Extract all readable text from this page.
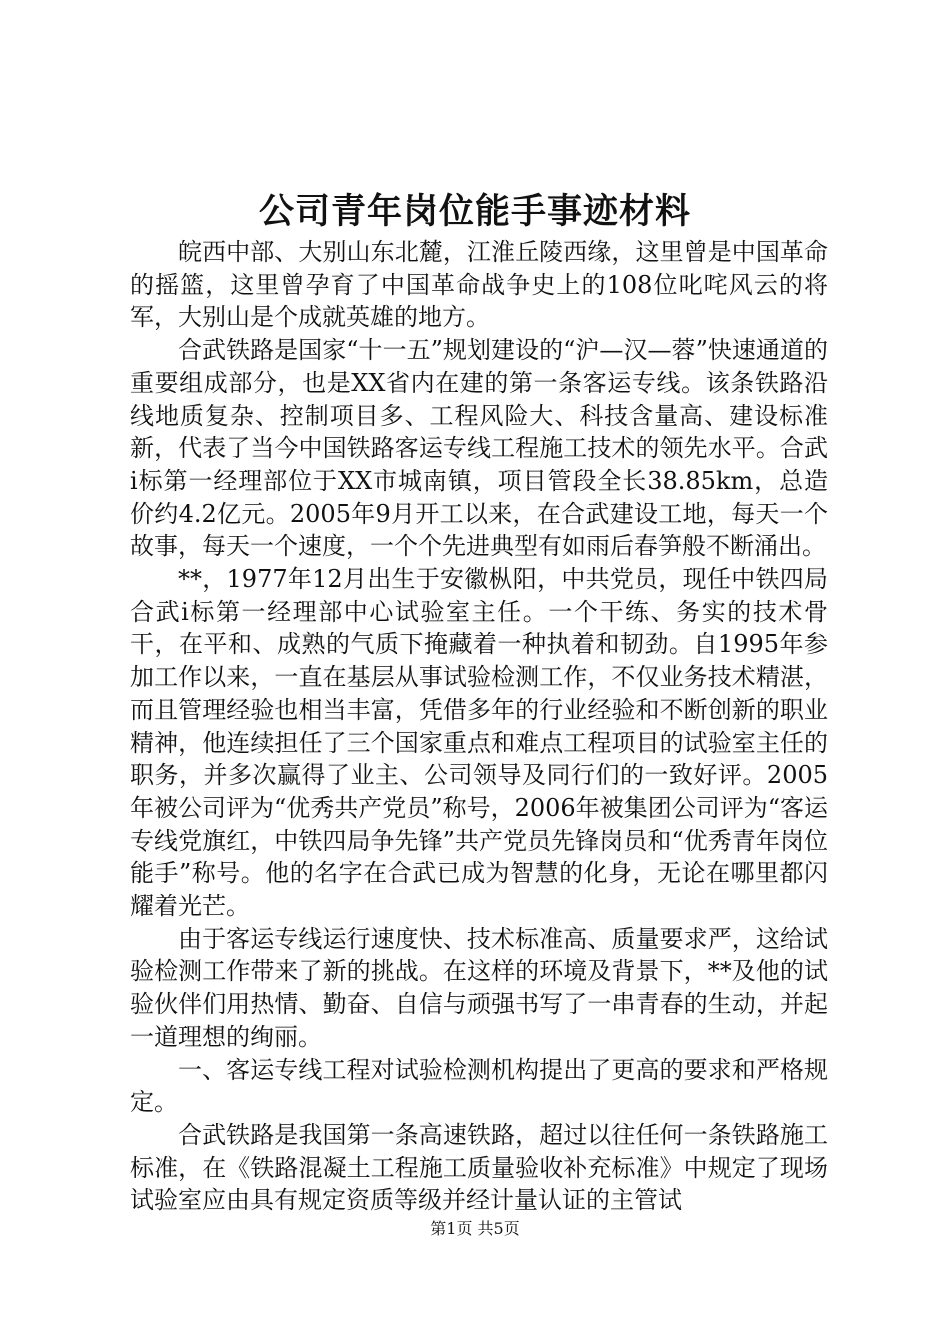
公司青年岗位能手事迹材料

皖西中部、大别山东北麓，江淮丘陵西缘，这里曾是中国革命的摇篮，这里曾孕育了中国革命战争史上的108位叱咤风云的将军，大别山是个成就英雄的地方。

合武铁路是国家“十一五”规划建设的“沪—汉—蓉”快速通道的重要组成部分，也是XX省内在建的第一条客运专线。该条铁路沿线地质复杂、控制项目多、工程风险大、科技含量高、建设标准新，代表了当今中国铁路客运专线工程施工技术的领先水平。合武ⅰ标第一经理部位于XX市城南镇，项目管段全长38.85km，总造价约4.2亿元。2005年9月开工以来，在合武建设工地，每天一个故事，每天一个速度，一个个先进典型有如雨后春笋般不断涌出。

**，1977年12月出生于安徽枞阳，中共党员，现任中铁四局合武ⅰ标第一经理部中心试验室主任。一个干练、务实的技术骨干，在平和、成熟的气质下掩藏着一种执着和韧劲。自1995年参加工作以来，一直在基层从事试验检测工作，不仅业务技术精湛，而且管理经验也相当丰富，凭借多年的行业经验和不断创新的职业精神，他连续担任了三个国家重点和难点工程项目的试验室主任的职务，并多次赢得了业主、公司领导及同行们的一致好评。2005年被公司评为“优秀共产党员”称号，2006年被集团公司评为“客运专线党旗红，中铁四局争先锋”共产党员先锋岗员和“优秀青年岗位能手”称号。他的名字在合武已成为智慧的化身，无论在哪里都闪耀着光芒。

由于客运专线运行速度快、技术标准高、质量要求严，这给试验检测工作带来了新的挑战。在这样的环境及背景下，**及他的试验伙伴们用热情、勤奋、自信与顽强书写了一串青春的生动，并起一道理想的绚丽。

一、客运专线工程对试验检测机构提出了更高的要求和严格规定。

合武铁路是我国第一条高速铁路，超过以往任何一条铁路施工标准，在《铁路混凝土工程施工质量验收补充标准》中规定了现场试验室应由具有规定资质等级并经计量认证的主管试

第1页 共5页
